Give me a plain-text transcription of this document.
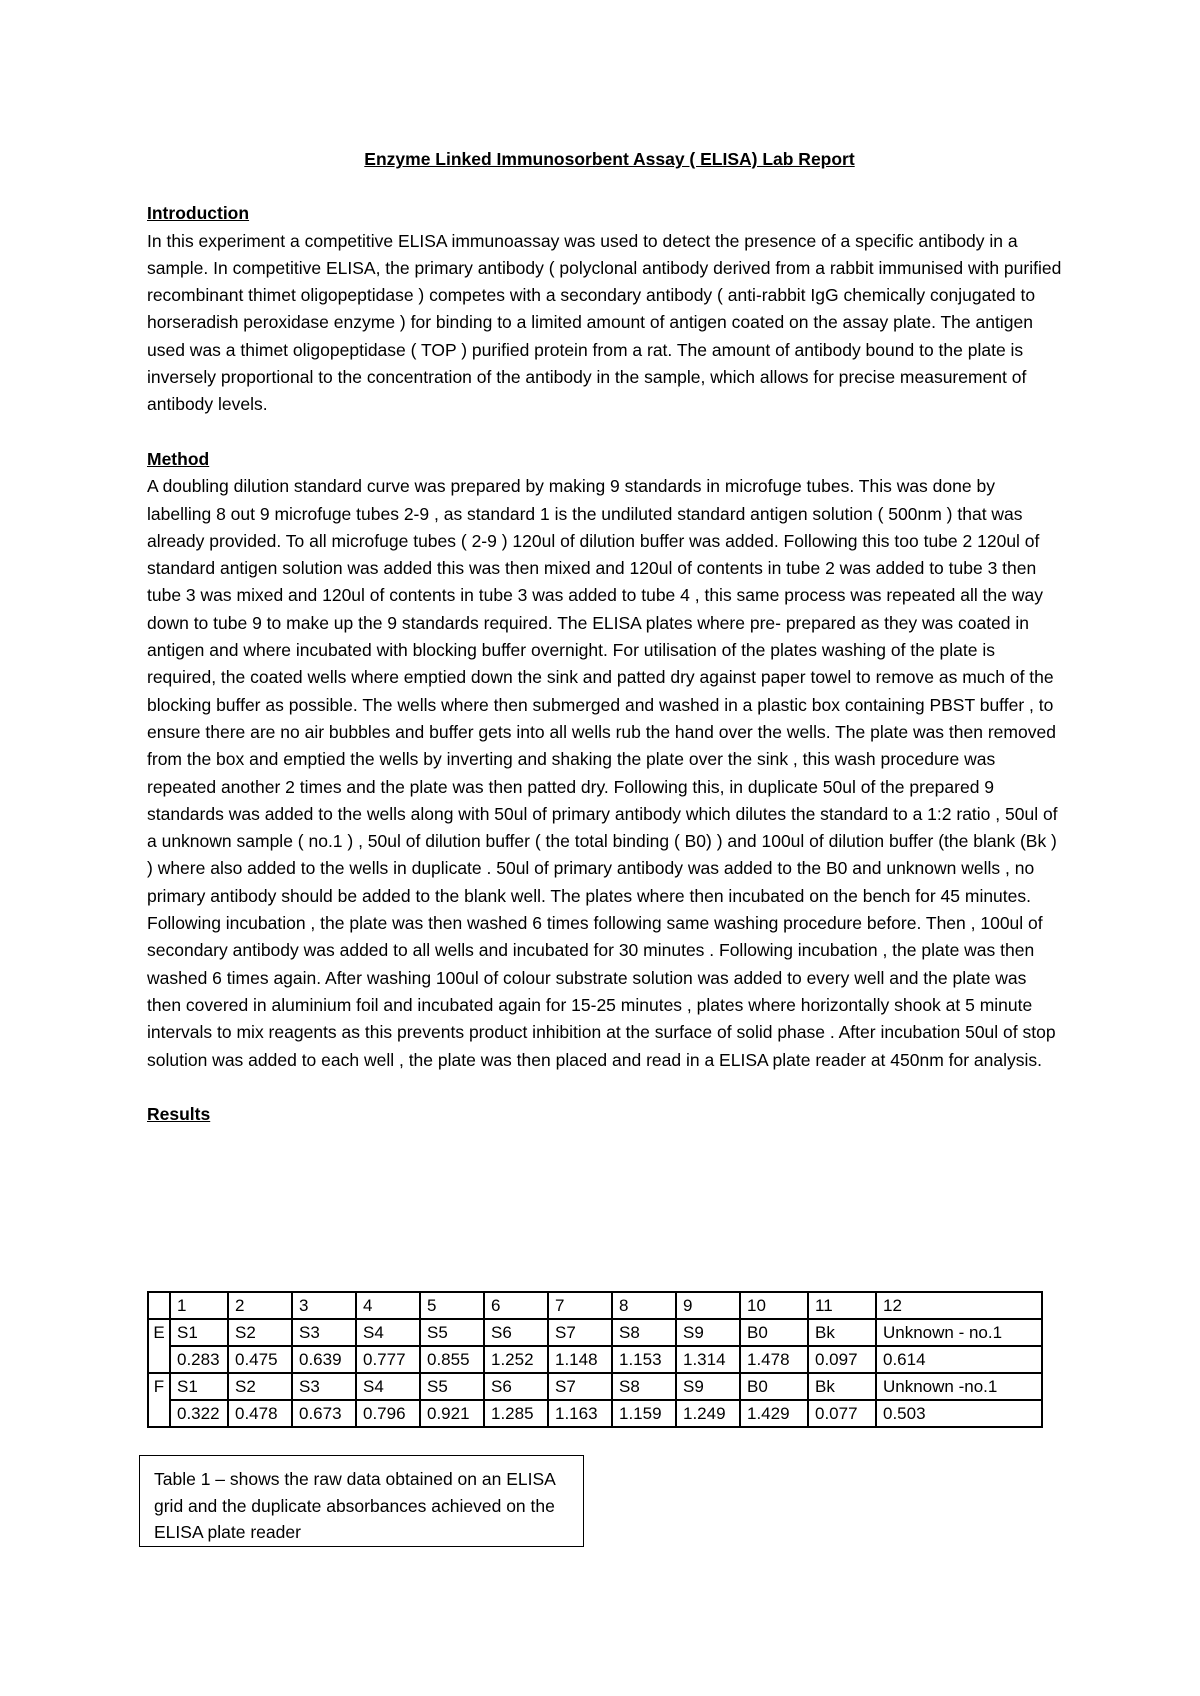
Enzyme Linked Immunosorbent Assay ( ELISA) Lab Report

Introduction

In this experiment a competitive ELISA immunoassay was used to detect the presence of a specific antibody in a sample. In competitive ELISA, the primary antibody ( polyclonal antibody derived from a rabbit immunised with purified recombinant thimet oligopeptidase ) competes with a secondary antibody ( anti-rabbit IgG chemically conjugated to horseradish peroxidase enzyme ) for binding to a limited amount of antigen coated on the assay plate. The antigen used was a thimet oligopeptidase ( TOP ) purified protein from a rat. The amount of antibody bound to the plate is inversely proportional to the concentration of the antibody in the sample, which allows for precise measurement of antibody levels.

Method

A doubling dilution standard curve was prepared by making 9 standards in microfuge tubes. This was done by labelling 8 out 9 microfuge tubes 2-9 , as standard 1 is the undiluted standard antigen solution ( 500nm ) that was already provided. To all microfuge tubes ( 2-9 ) 120ul of dilution buffer was added. Following this too tube 2 120ul of standard antigen solution was added this was then mixed and 120ul of contents in tube 2 was added to tube 3 then tube 3 was mixed and 120ul of contents in tube 3 was added to tube 4 , this same process was repeated all the way down to tube 9 to make up the 9 standards required. The ELISA plates where pre- prepared as they was coated in antigen and where incubated with blocking buffer overnight. For utilisation of the plates washing of the plate is required, the coated wells where emptied down the sink and patted dry against paper towel to remove as much of the blocking buffer as possible. The wells where then submerged and washed in a plastic box containing PBST buffer , to ensure there are no air bubbles and buffer gets into all wells rub the hand over the wells. The plate was then removed from the box and emptied the wells by inverting and shaking the plate over the sink , this wash procedure was repeated another 2 times and the plate was then patted dry. Following this, in duplicate 50ul of the prepared 9 standards was added to the wells along with 50ul of primary antibody which dilutes the standard to a 1:2 ratio , 50ul of a unknown sample ( no.1 ) , 50ul of dilution buffer ( the total binding ( B0) ) and 100ul of dilution buffer (the blank (Bk ) ) where also added to the wells in duplicate . 50ul of primary antibody was added to the B0 and unknown wells , no primary antibody should be added to the blank well. The plates where then incubated on the bench for 45 minutes. Following incubation , the plate was then washed 6 times following same washing procedure before. Then , 100ul of secondary antibody was added to all wells and incubated for 30 minutes . Following incubation , the plate was then washed 6 times again. After washing 100ul of colour substrate solution was added to every well and the plate was then covered in aluminium foil and incubated again for 15-25 minutes , plates where horizontally shook at 5 minute intervals to mix reagents as this prevents product inhibition at the surface of solid phase . After incubation 50ul of stop solution was added to each well , the plate was then placed and read in a ELISA plate reader at 450nm for analysis.

Results

	1	2	3	4	5	6	7	8	9	10	11	12
E	S1	S2	S3	S4	S5	S6	S7	S8	S9	B0	Bk	Unknown - no.1
	0.283	0.475	0.639	0.777	0.855	1.252	1.148	1.153	1.314	1.478	0.097	0.614
F	S1	S2	S3	S4	S5	S6	S7	S8	S9	B0	Bk	Unknown -no.1
	0.322	0.478	0.673	0.796	0.921	1.285	1.163	1.159	1.249	1.429	0.077	0.503
Table 1 – shows the raw data obtained on an ELISA grid and the duplicate absorbances achieved on the ELISA plate reader
